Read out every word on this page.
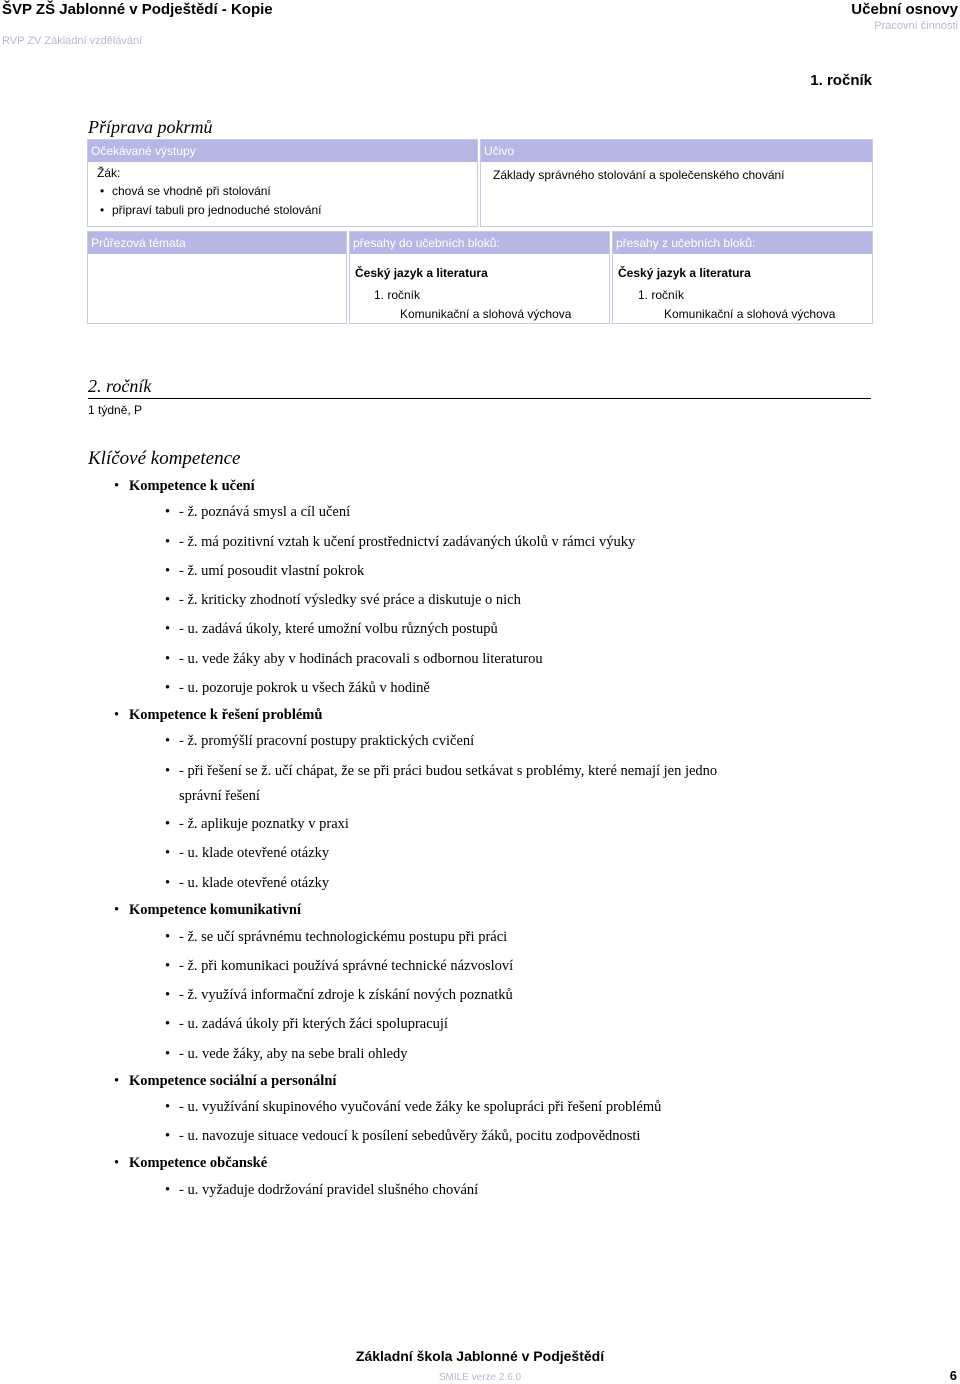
ŠVP ZŠ Jablonné v Podještědí - Kopie
RVP ZV Základní vzdělávání
Učební osnovy
Pracovní činnosti
1. ročník
Příprava pokrmů
Očekávané výstupy
Žák:
• chová se vhodně při stolování
• připraví tabuli pro jednoduché stolování
Učivo
Základy správného stolování a společenského chování
Průřezová témata	přesahy do učebních bloků:
Český jazyk a literatura
1. ročník
Komunikační a slohová výchova
přesahy z učebních bloků:
Český jazyk a literatura
1. ročník
Komunikační a slohová výchova
2. ročník
1 týdně, P
Klíčové kompetence
• Kompetence k učení
• - ž. poznává smysl a cíl učení
• - ž. má pozitivní vztah k učení prostřednictví zadávaných úkolů v rámci výuky
• - ž. umí posoudit vlastní pokrok
• - ž. kriticky zhodnotí výsledky své práce a diskutuje o nich
• - u. zadává úkoly, které umožní volbu různých postupů
• - u. vede žáky aby v hodinách pracovali s odbornou literaturou
• - u. pozoruje pokrok u všech žáků v hodině
• Kompetence k řešení problémů
• - ž. promýšlí pracovní postupy praktických cvičení
• - při řešení se ž. učí chápat, že se při práci budou setkávat s problémy, které nemají jen jedno
správní řešení
• - ž. aplikuje poznatky v praxi
• - u. klade otevřené otázky
• - u. klade otevřené otázky
• Kompetence komunikativní
• - ž. se učí správnému technologickému postupu při práci
• - ž. při komunikaci používá správné technické názvosloví
• - ž. využívá informační zdroje k získání nových poznatků
• - u. zadává úkoly při kterých žáci spolupracují
• - u. vede žáky, aby na sebe brali ohledy
• Kompetence sociální a personální
• - u. využívání skupinového vyučování vede žáky ke spolupráci při řešení problémů
• - u. navozuje situace vedoucí k posílení sebedůvěry žáků, pocitu zodpovědnosti
• Kompetence občanské
• - u. vyžaduje dodržování pravidel slušného chování
Základní škola Jablonné v Podještědí
SMILE verze 2.6.0	6
